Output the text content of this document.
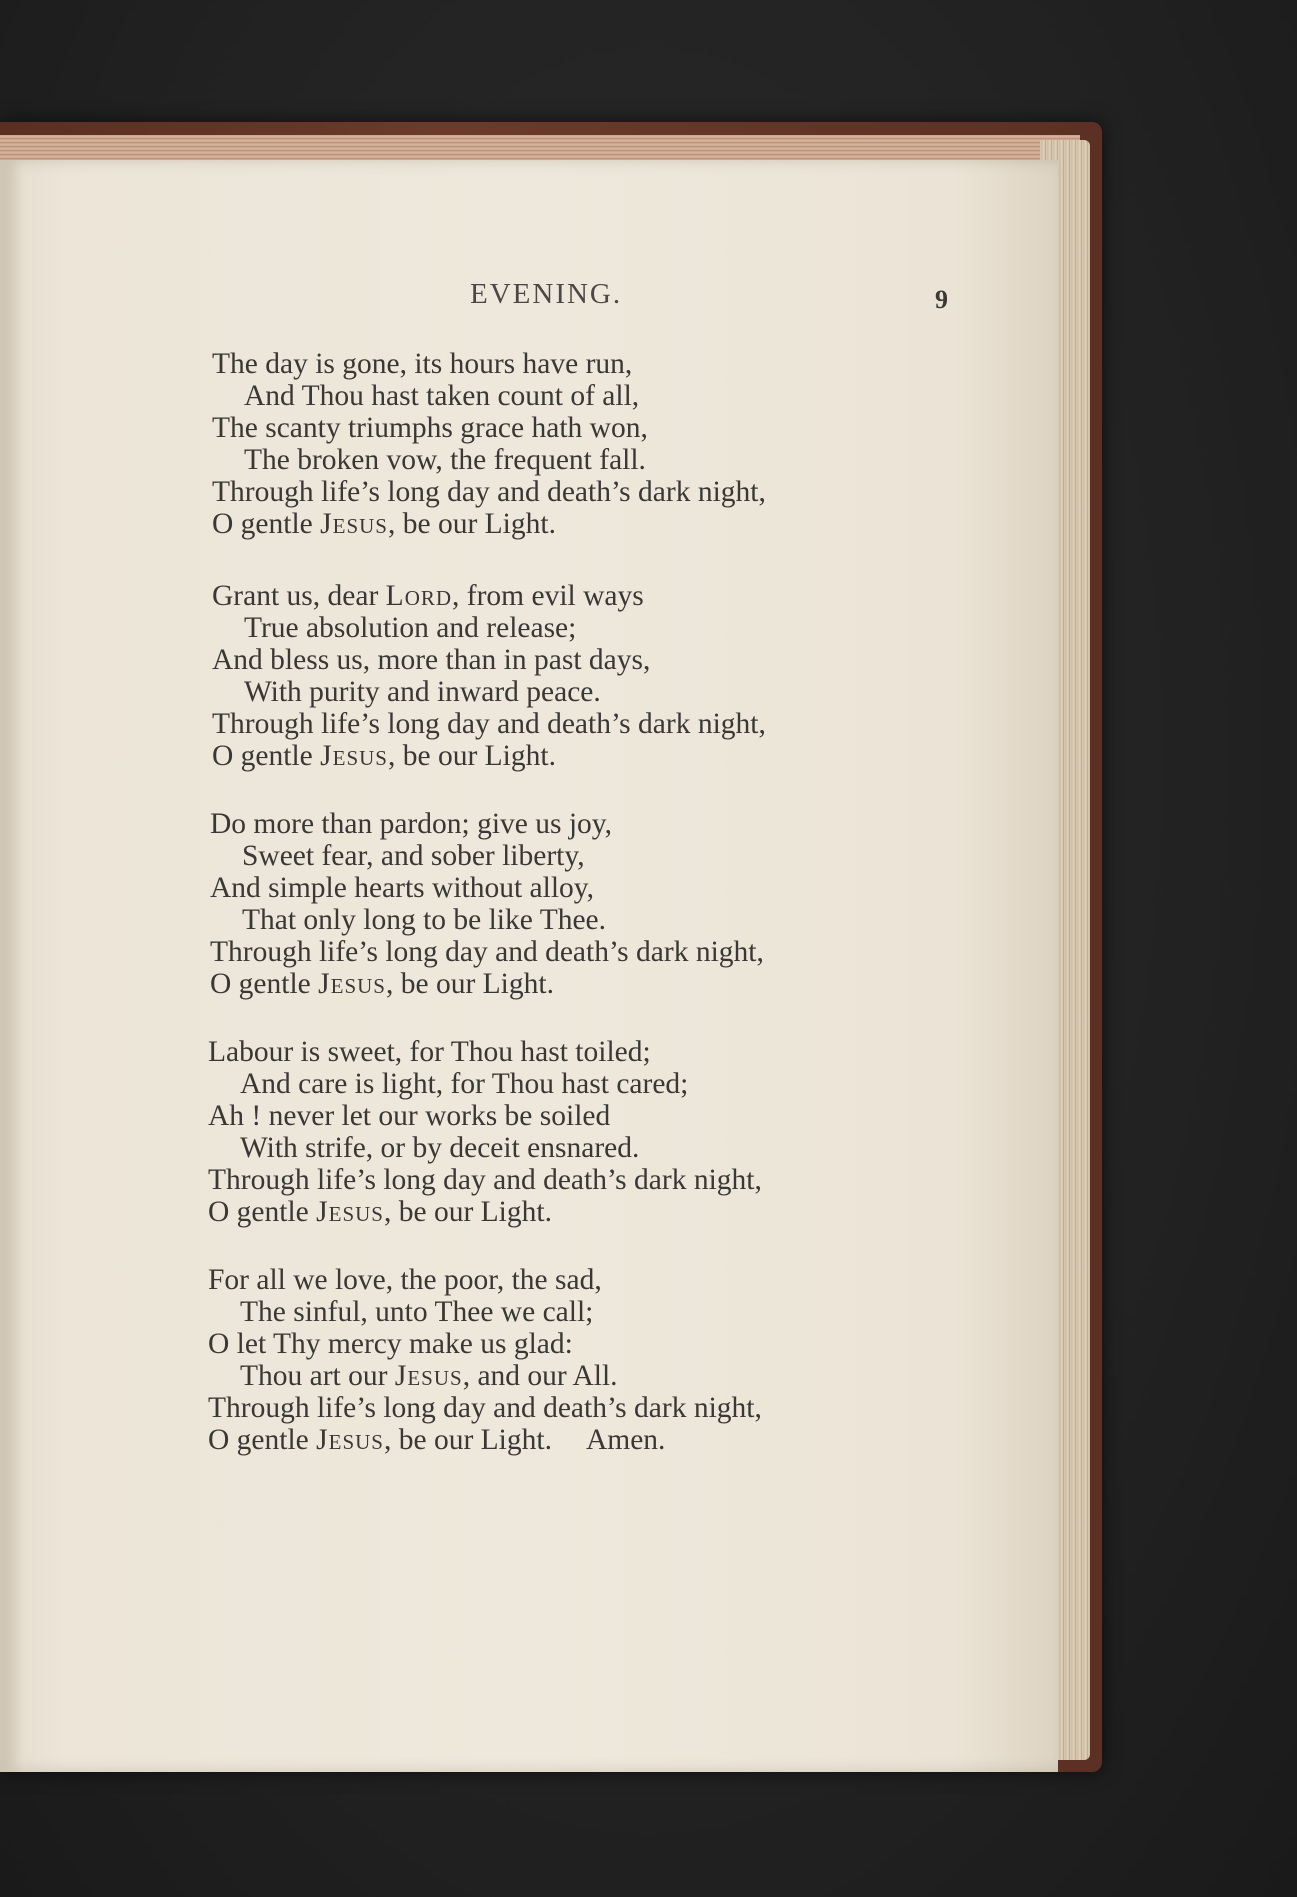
EVENING.	9
The day is gone, its hours have run,
And Thou hast taken count of all,
The scanty triumphs grace hath won,
The broken vow, the frequent fall.
Through life’s long day and death’s dark night,
O gentle Jesus, be our Light.
Grant us, dear Lord, from evil ways
True absolution and release;
And bless us, more than in past days,
With purity and inward peace.
Through life’s long day and death’s dark night,
O gentle Jesus, be our Light.
Do more than pardon; give us joy,
Sweet fear, and sober liberty,
And simple hearts without alloy,
That only long to be like Thee.
Through life’s long day and death’s dark night,
O gentle Jesus, be our Light.
Labour is sweet, for Thou hast toiled;
And care is light, for Thou hast cared;
Ah ! never let our works be soiled
With strife, or by deceit ensnared.
Through life’s long day and death’s dark night,
O gentle Jesus, be our Light.
For all we love, the poor, the sad,
The sinful, unto Thee we call;
O let Thy mercy make us glad:
Thou art our Jesus, and our All.
Through life’s long day and death’s dark night,
O gentle Jesus, be our Light. Amen.
